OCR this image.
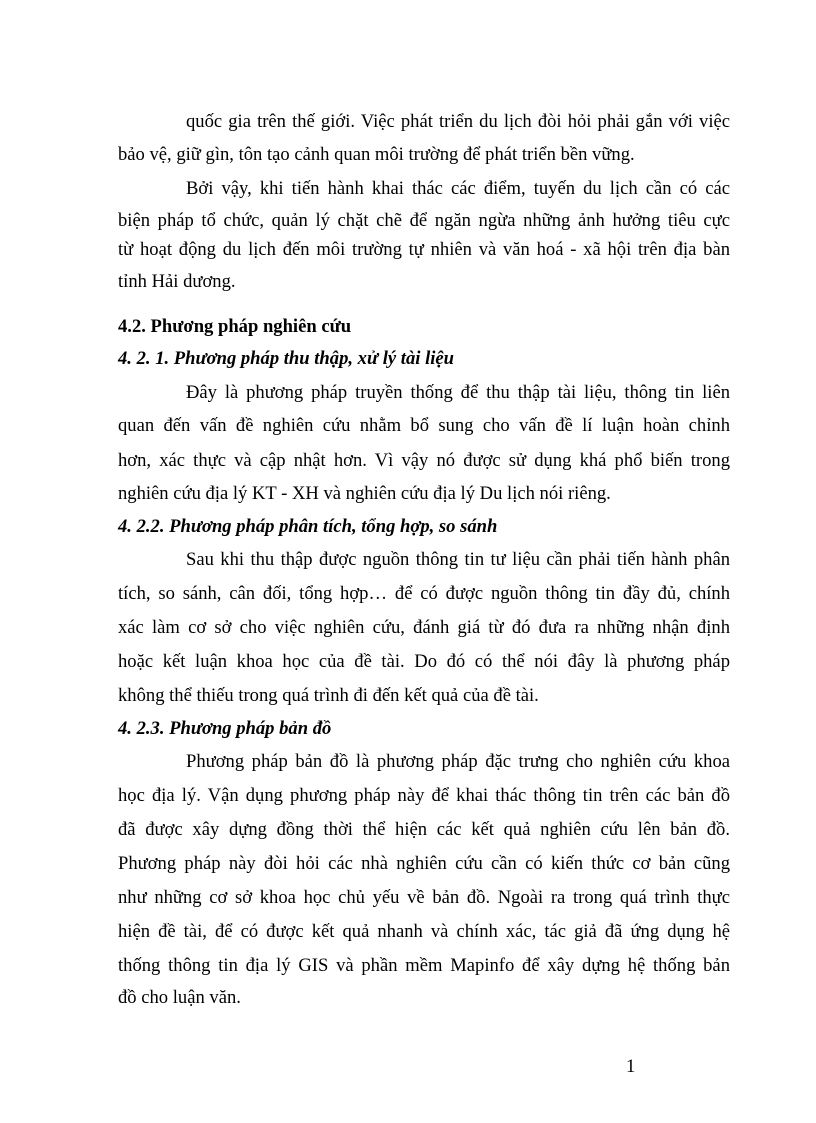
quốc gia trên thế giới. Việc phát triển du lịch đòi hỏi phải gắn với việc
bảo vệ, giữ gìn, tôn tạo cảnh quan môi trường để phát triển bền vững.
Bởi vậy, khi tiến hành khai thác các điểm, tuyến du lịch cần có các
biện pháp tổ chức, quản lý chặt chẽ để ngăn ngừa những ảnh hưởng tiêu cực
từ hoạt động du lịch đến môi trường tự nhiên và văn hoá - xã hội trên địa bàn
tỉnh Hải dương.
4.2. Phương pháp nghiên cứu
4. 2. 1. Phương pháp thu thập, xử lý tài liệu
Đây là phương pháp truyền thống để thu thập tài liệu, thông tin liên
quan đến vấn đề nghiên cứu nhằm bổ sung cho vấn đề lí luận hoàn chỉnh
hơn, xác thực và cập nhật hơn. Vì vậy nó được sử dụng khá phổ biến trong
nghiên cứu địa lý KT - XH và nghiên cứu địa lý Du lịch nói riêng.
4. 2.2. Phương pháp phân tích, tổng hợp, so sánh
Sau khi thu thập được nguồn thông tin tư liệu cần phải tiến hành phân
tích, so sánh, cân đối, tổng hợp… để có được nguồn thông tin đầy đủ, chính
xác làm cơ sở cho việc nghiên cứu, đánh giá từ đó đưa ra những nhận định
hoặc kết luận khoa học của đề tài. Do đó có thể nói đây là phương pháp
không thể thiếu trong quá trình đi đến kết quả của đề tài.
4. 2.3. Phương pháp bản đồ
Phương pháp bản đồ là phương pháp đặc trưng cho nghiên cứu khoa
học địa lý. Vận dụng phương pháp này để khai thác thông tin trên các bản đồ
đã được xây dựng đồng thời thể hiện các kết quả nghiên cứu lên bản đồ.
Phương pháp này đòi hỏi các nhà nghiên cứu cần có kiến thức cơ bản cũng
như những cơ sở khoa học chủ yếu về bản đồ. Ngoài ra trong quá trình thực
hiện đề tài, để có được kết quả nhanh và chính xác, tác giả đã ứng dụng hệ
thống thông tin địa lý GIS và phần mềm Mapinfo để xây dựng hệ thống bản
đồ cho luận văn.
1
